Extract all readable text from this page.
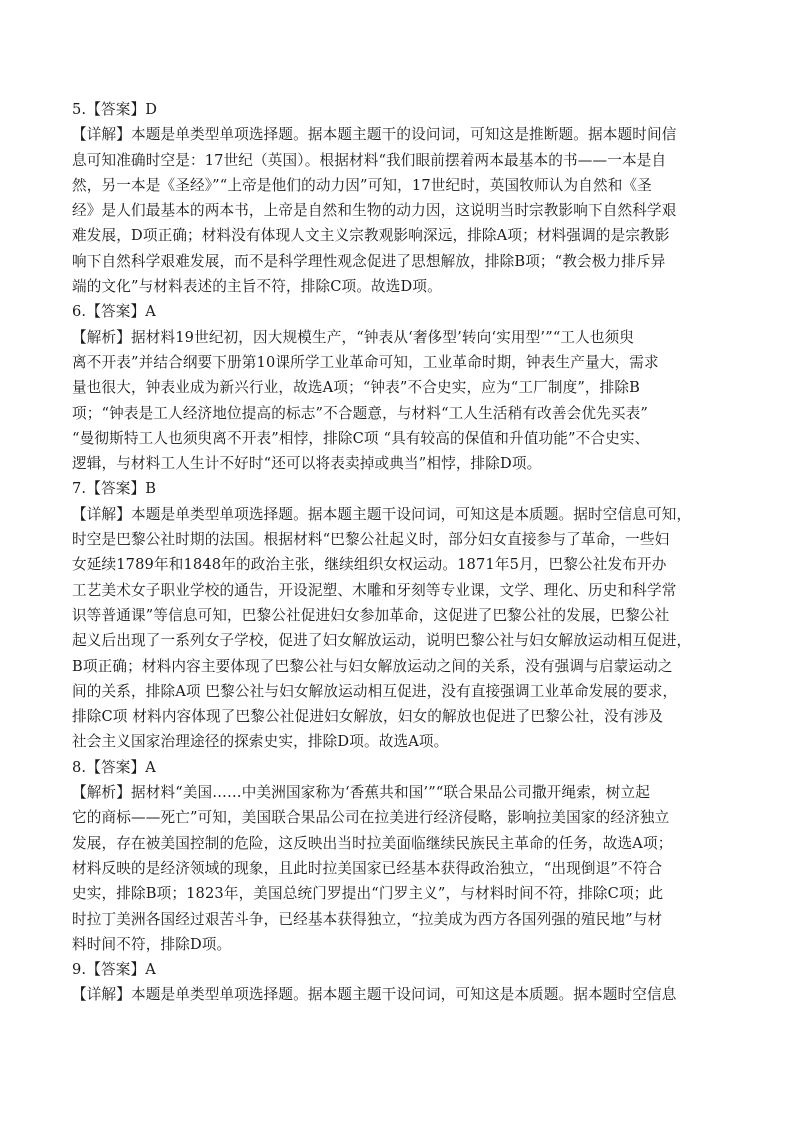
5.【答案】D
【详解】本题是单类型单项选择题。据本题主题干的设问词，可知这是推断题。据本题时间信
息可知准确时空是：17世纪（英国）。根据材料“我们眼前摆着两本最基本的书——一本是自
然，另一本是《圣经》”“上帝是他们的动力因”可知，17世纪时，英国牧师认为自然和《圣
经》是人们最基本的两本书，上帝是自然和生物的动力因，这说明当时宗教影响下自然科学艰
难发展，D项正确；材料没有体现人文主义宗教观影响深远，排除A项；材料强调的是宗教影
响下自然科学艰难发展，而不是科学理性观念促进了思想解放，排除B项；“教会极力排斥异
端的文化”与材料表述的主旨不符，排除C项。故选D项。
6.【答案】A
【解析】据材料19世纪初，因大规模生产，“钟表从‘奢侈型’转向‘实用型’”“工人也须臾
离不开表”并结合纲要下册第10课所学工业革命可知，工业革命时期，钟表生产量大，需求
量也很大，钟表业成为新兴行业，故选A项；“钟表”不合史实，应为“工厂制度”，排除B
项；“钟表是工人经济地位提高的标志”不合题意，与材料“工人生活稍有改善会优先买表”
“曼彻斯特工人也须臾离不开表”相悖，排除C项 “具有较高的保值和升值功能”不合史实、
逻辑，与材料工人生计不好时“还可以将表卖掉或典当”相悖，排除D项。
7.【答案】B
【详解】本题是单类型单项选择题。据本题主题干设问词，可知这是本质题。据时空信息可知，
时空是巴黎公社时期的法国。根据材料“巴黎公社起义时，部分妇女直接参与了革命，一些妇
女延续1789年和1848年的政治主张，继续组织女权运动。1871年5月，巴黎公社发布开办
工艺美术女子职业学校的通告，开设泥塑、木雕和牙刻等专业课，文学、理化、历史和科学常
识等普通课”等信息可知，巴黎公社促进妇女参加革命，这促进了巴黎公社的发展，巴黎公社
起义后出现了一系列女子学校，促进了妇女解放运动，说明巴黎公社与妇女解放运动相互促进，
B项正确；材料内容主要体现了巴黎公社与妇女解放运动之间的关系，没有强调与启蒙运动之
间的关系，排除A项 巴黎公社与妇女解放运动相互促进，没有直接强调工业革命发展的要求，
排除C项 材料内容体现了巴黎公社促进妇女解放，妇女的解放也促进了巴黎公社，没有涉及
社会主义国家治理途径的探索史实，排除D项。故选A项。
8.【答案】A
【解析】据材料“美国……中美洲国家称为‘香蕉共和国’”“联合果品公司撒开绳索，树立起
它的商标——死亡”可知，美国联合果品公司在拉美进行经济侵略，影响拉美国家的经济独立
发展，存在被美国控制的危险，这反映出当时拉美面临继续民族民主革命的任务，故选A项；
材料反映的是经济领域的现象，且此时拉美国家已经基本获得政治独立，“出现倒退”不符合
史实，排除B项；1823年，美国总统门罗提出“门罗主义”，与材料时间不符，排除C项；此
时拉丁美洲各国经过艰苦斗争，已经基本获得独立，“拉美成为西方各国列强的殖民地”与材
料时间不符，排除D项。
9.【答案】A
【详解】本题是单类型单项选择题。据本题主题干设问词，可知这是本质题。据本题时空信息
